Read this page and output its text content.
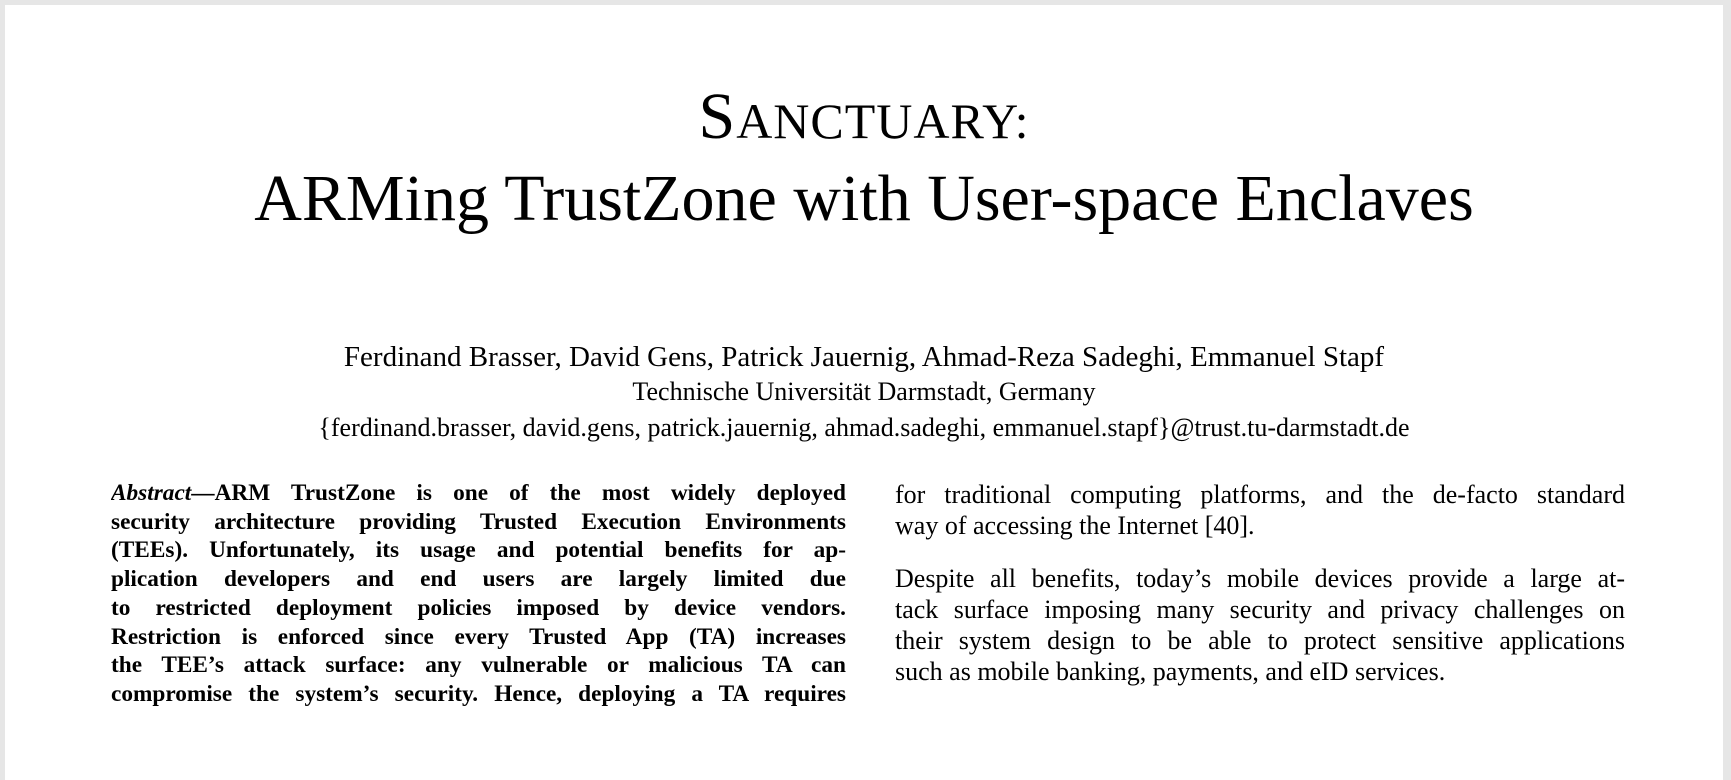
SANCTUARY:
ARMing TrustZone with User-space Enclaves

Ferdinand Brasser, David Gens, Patrick Jauernig, Ahmad-Reza Sadeghi, Emmanuel Stapf

Technische Universität Darmstadt, Germany

{ferdinand.brasser, david.gens, patrick.jauernig, ahmad.sadeghi, emmanuel.stapf}@trust.tu-darmstadt.de

Abstract—ARM TrustZone is one of the most widely deployed
security architecture providing Trusted Execution Environments
(TEEs). Unfortunately, its usage and potential benefits for ap-
plication developers and end users are largely limited due
to restricted deployment policies imposed by device vendors.
Restriction is enforced since every Trusted App (TA) increases
the TEE’s attack surface: any vulnerable or malicious TA can
compromise the system’s security. Hence, deploying a TA requires

for traditional computing platforms, and the de-facto standard
way of accessing the Internet [40].

Despite all benefits, today’s mobile devices provide a large at-
tack surface imposing many security and privacy challenges on
their system design to be able to protect sensitive applications
such as mobile banking, payments, and eID services.
